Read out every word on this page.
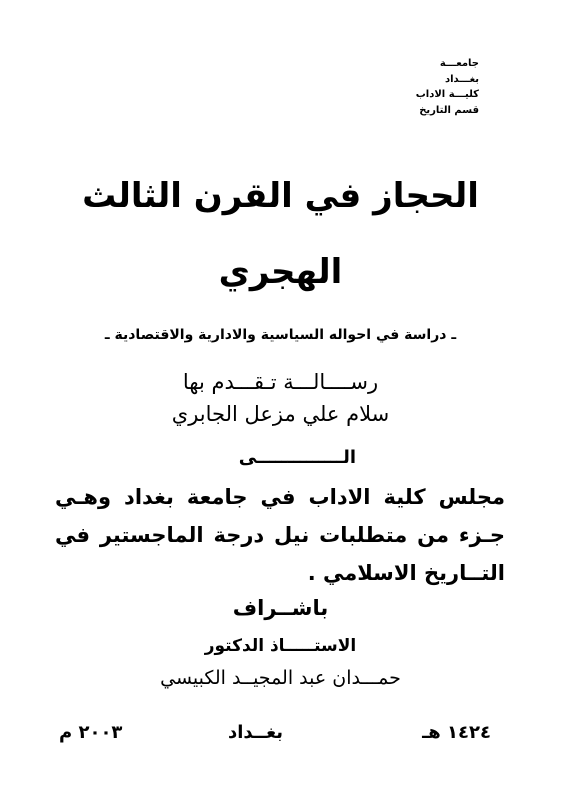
جامعـــة
بغـــداد
كليـــة الاداب
قسم التاريخ
الحجاز في القرن الثالث
الهجري
ـ دراسة في احواله السياسية والادارية والاقتصادية ـ
رســــالـــة تـقـــدم بها
سلام علي مزعل الجابري
الــــــــــــــى
مجلس كلية الاداب في جامعة بغداد وهـي جـزء من متطلبات نيل درجة الماجستير في التــاريخ الاسلامي .
باشــراف
الاستـــــاذ الدكتور
حمـــدان عبد المجيــد الكبيسي
١٤٢٤ هـ
بغــداد
٢٠٠٣ م
